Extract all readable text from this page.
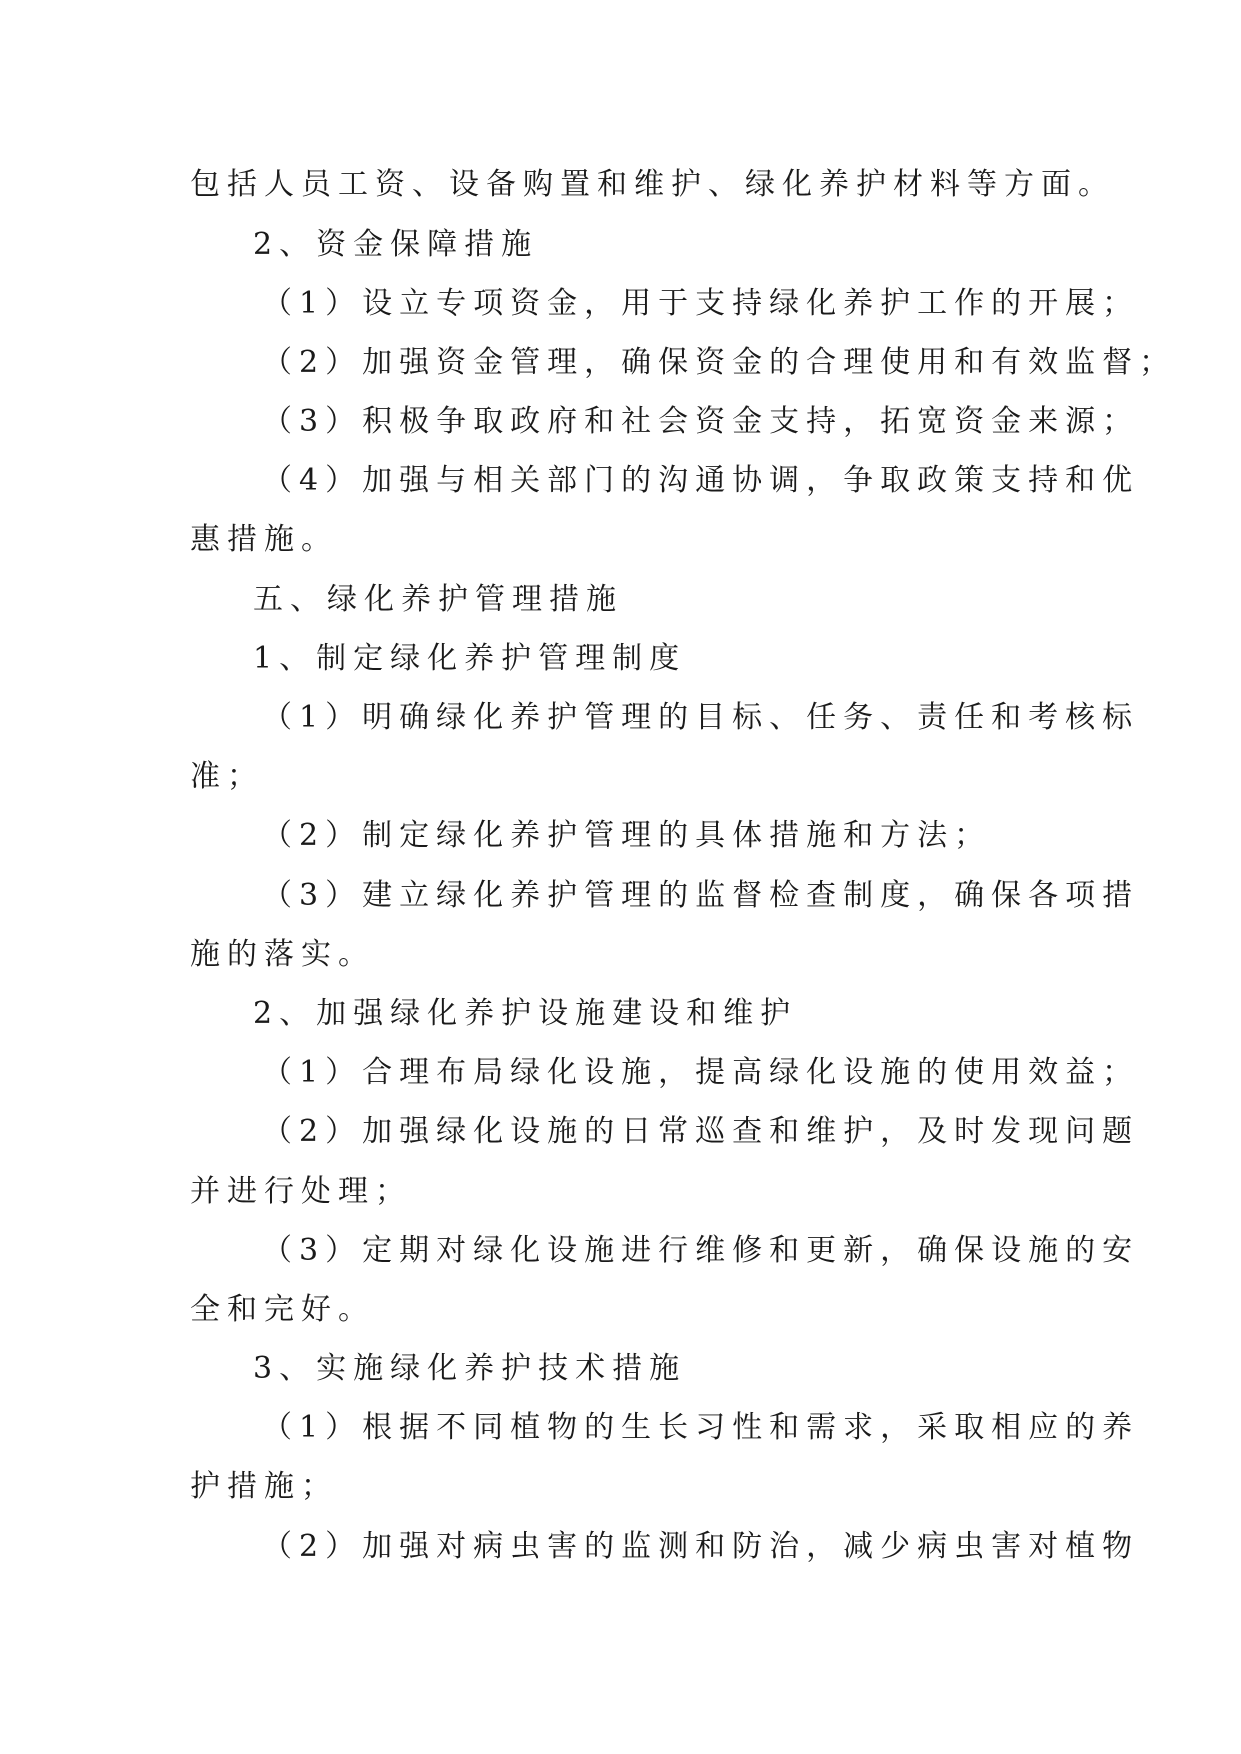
包括人员工资、设备购置和维护、绿化养护材料等方面。
2、资金保障措施
（1）设立专项资金，用于支持绿化养护工作的开展；
（2）加强资金管理，确保资金的合理使用和有效监督；
（3）积极争取政府和社会资金支持，拓宽资金来源；
（4）加强与相关部门的沟通协调，争取政策支持和优
惠措施。
五、绿化养护管理措施
1、制定绿化养护管理制度
（1）明确绿化养护管理的目标、任务、责任和考核标
准；
（2）制定绿化养护管理的具体措施和方法；
（3）建立绿化养护管理的监督检查制度，确保各项措
施的落实。
2、加强绿化养护设施建设和维护
（1）合理布局绿化设施，提高绿化设施的使用效益；
（2）加强绿化设施的日常巡查和维护，及时发现问题
并进行处理；
（3）定期对绿化设施进行维修和更新，确保设施的安
全和完好。
3、实施绿化养护技术措施
（1）根据不同植物的生长习性和需求，采取相应的养
护措施；
（2）加强对病虫害的监测和防治，减少病虫害对植物
